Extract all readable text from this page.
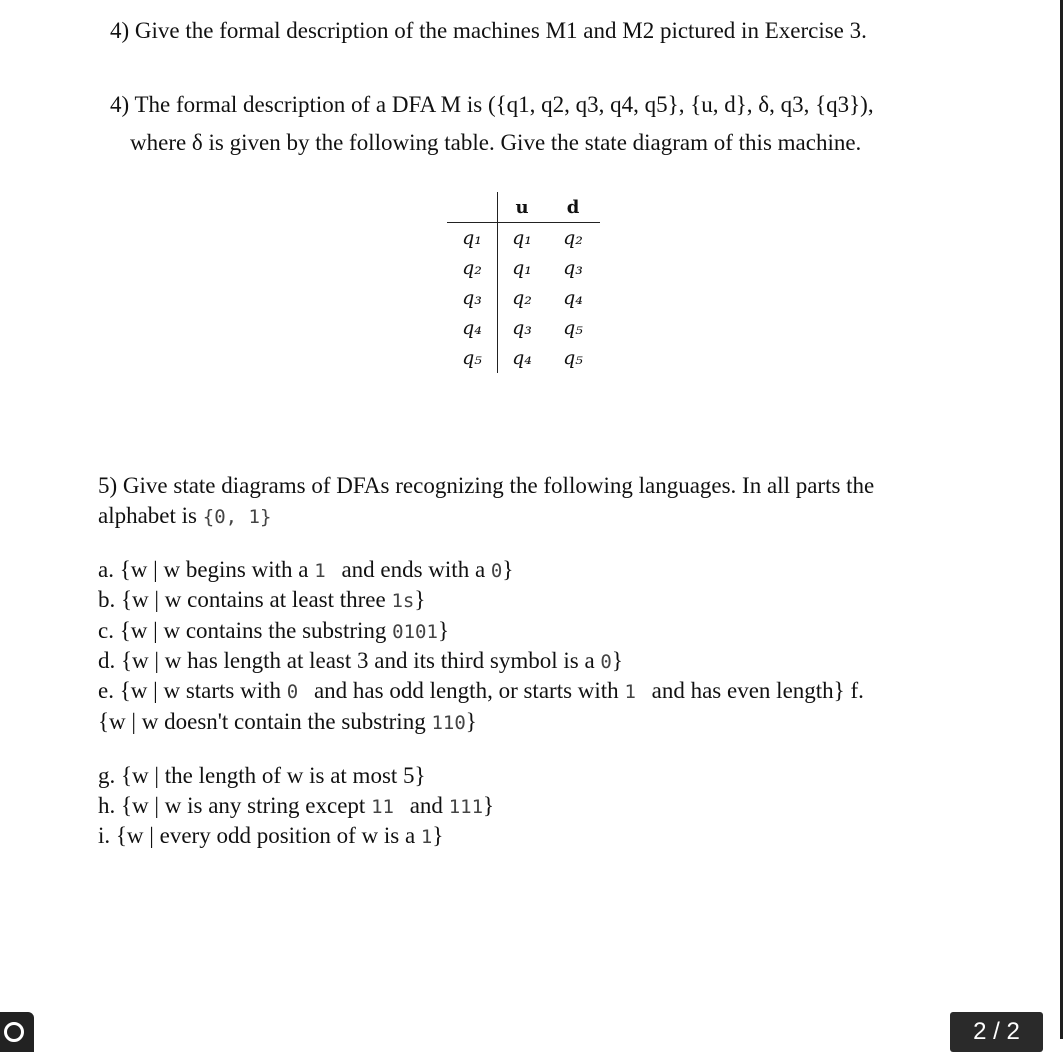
4) Give the formal description of the machines M1 and M2 pictured in Exercise 3.
4) The formal description of a DFA M is ({q1, q2, q3, q4, q5}, {u, d}, δ, q3, {q3}),
where δ is given by the following table. Give the state diagram of this machine.
	u	d
q₁	q₁	q₂
q₂	q₁	q₃
q₃	q₂	q₄
q₄	q₃	q₅
q₅	q₄	q₅
5) Give state diagrams of DFAs recognizing the following languages. In all parts the
alphabet is {0, 1}
a. {w | w begins with a 1 and ends with a 0}
b. {w | w contains at least three 1s}
c. {w | w contains the substring 0101}
d. {w | w has length at least 3 and its third symbol is a 0}
e. {w | w starts with 0 and has odd length, or starts with 1 and has even length} f.
{w | w doesn't contain the substring 110}
g. {w | the length of w is at most 5}
h. {w | w is any string except 11 and 111}
i. {w | every odd position of w is a 1}
2 / 2
